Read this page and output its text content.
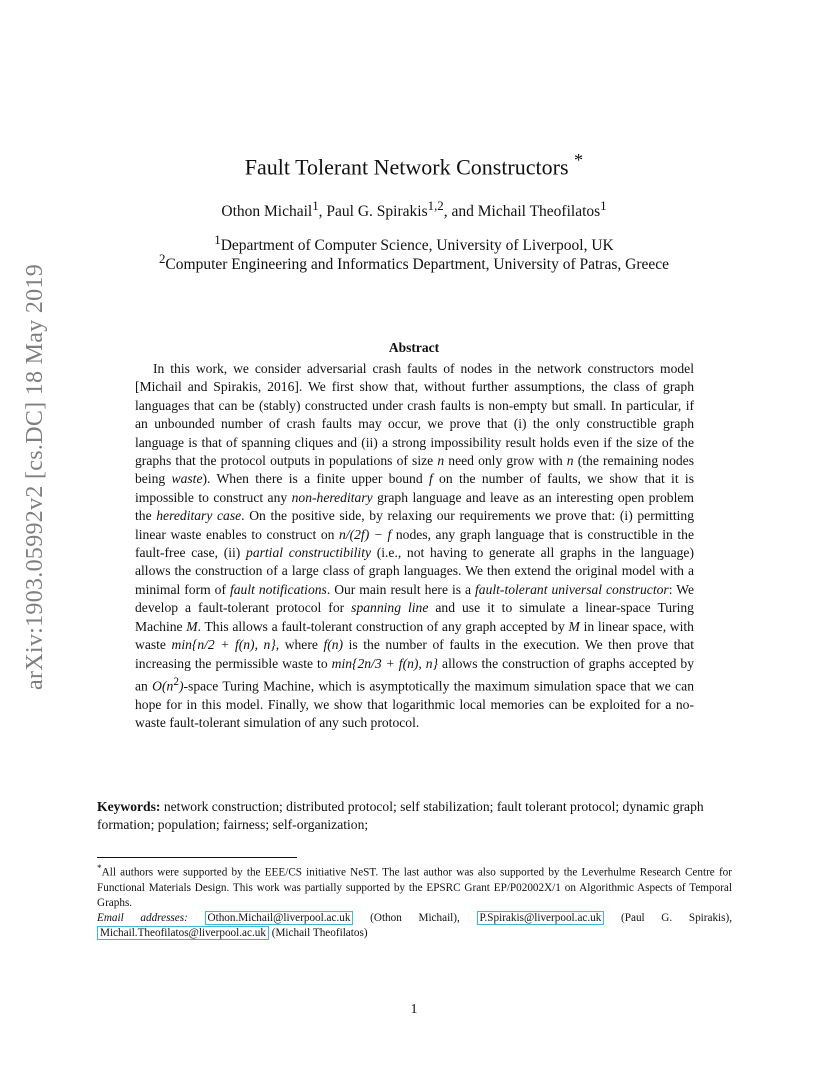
arXiv:1903.05992v2 [cs.DC] 18 May 2019
Fault Tolerant Network Constructors *
Othon Michail$^1$, Paul G. Spirakis$^{1,2}$, and Michail Theofilatos$^1$
$^1$Department of Computer Science, University of Liverpool, UK
$^2$Computer Engineering and Informatics Department, University of Patras, Greece
Abstract
In this work, we consider adversarial crash faults of nodes in the network constructors model [Michail and Spirakis, 2016]. We first show that, without further assumptions, the class of graph languages that can be (stably) constructed under crash faults is non-empty but small. In particular, if an unbounded number of crash faults may occur, we prove that (i) the only constructible graph language is that of spanning cliques and (ii) a strong impossibility result holds even if the size of the graphs that the protocol outputs in populations of size n need only grow with n (the remaining nodes being waste). When there is a finite upper bound f on the number of faults, we show that it is impossible to construct any non-hereditary graph language and leave as an interesting open problem the hereditary case. On the positive side, by relaxing our requirements we prove that: (i) permitting linear waste enables to construct on n/(2f) − f nodes, any graph language that is constructible in the fault-free case, (ii) partial constructibility (i.e., not having to generate all graphs in the language) allows the construction of a large class of graph languages. We then extend the original model with a minimal form of fault notifications. Our main result here is a fault-tolerant universal constructor: We develop a fault-tolerant protocol for spanning line and use it to simulate a linear-space Turing Machine M. This allows a fault-tolerant construction of any graph accepted by M in linear space, with waste min{n/2 + f(n), n}, where f(n) is the number of faults in the execution. We then prove that increasing the permissible waste to min{2n/3 + f(n), n} allows the construction of graphs accepted by an $O(n^2)$-space Turing Machine, which is asymptotically the maximum simulation space that we can hope for in this model. Finally, we show that logarithmic local memories can be exploited for a no-waste fault-tolerant simulation of any such protocol.
Keywords: network construction; distributed protocol; self stabilization; fault tolerant protocol; dynamic graph formation; population; fairness; self-organization;
*All authors were supported by the EEE/CS initiative NeST. The last author was also supported by the Leverhulme Research Centre for Functional Materials Design. This work was partially supported by the EPSRC Grant EP/P02002X/1 on Algorithmic Aspects of Temporal Graphs.
Email addresses: Othon.Michail@liverpool.ac.uk (Othon Michail), P.Spirakis@liverpool.ac.uk (Paul G. Spirakis), Michail.Theofilatos@liverpool.ac.uk (Michail Theofilatos)
1
